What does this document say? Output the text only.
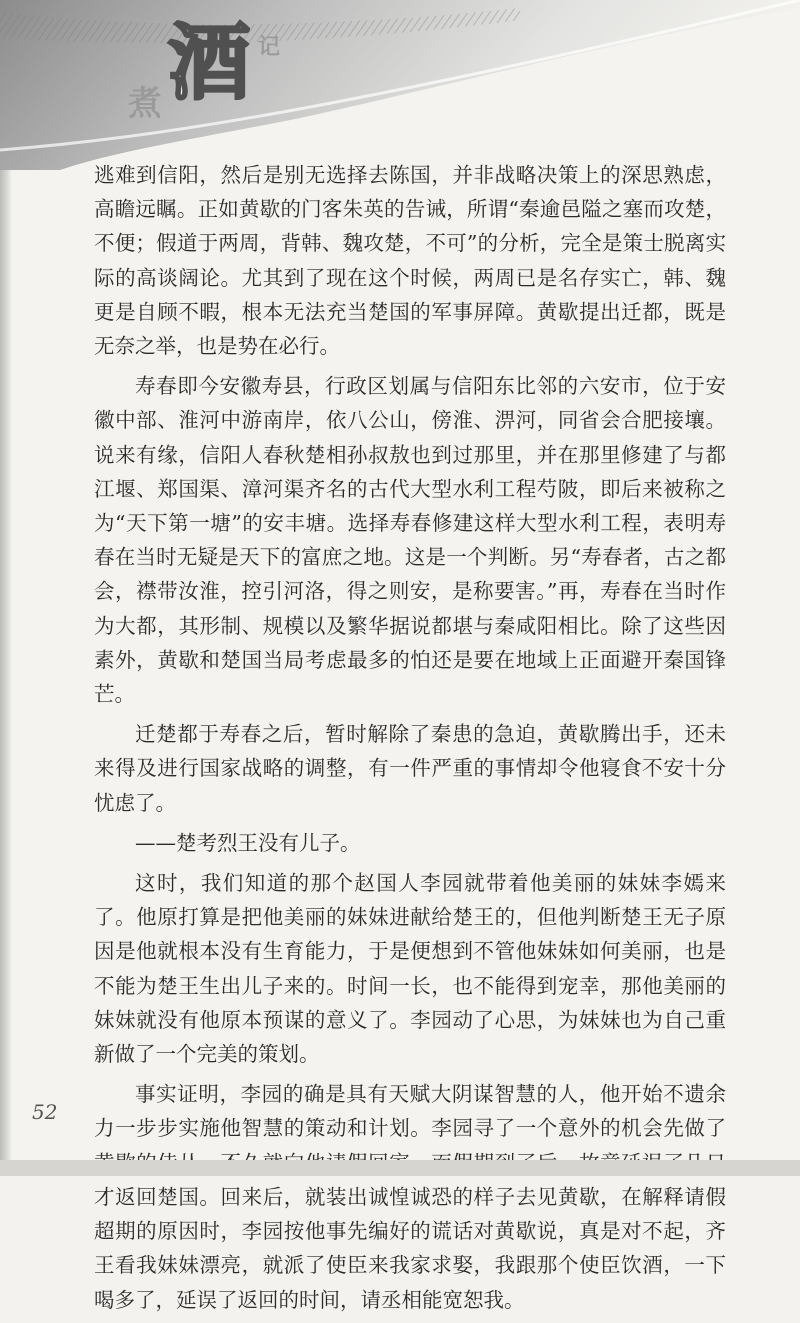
煮 酒 记

逃难到信阳，然后是别无选择去陈国，并非战略决策上的深思熟虑，高瞻远瞩。正如黄歇的门客朱英的告诫，所谓“秦逾邑隘之塞而攻楚，不便；假道于两周，背韩、魏攻楚，不可”的分析，完全是策士脱离实际的高谈阔论。尤其到了现在这个时候，两周已是名存实亡，韩、魏更是自顾不暇，根本无法充当楚国的军事屏障。黄歇提出迁都，既是无奈之举，也是势在必行。

寿春即今安徽寿县，行政区划属与信阳东比邻的六安市，位于安徽中部、淮河中游南岸，依八公山，傍淮、淠河，同省会合肥接壤。说来有缘，信阳人春秋楚相孙叔敖也到过那里，并在那里修建了与都江堰、郑国渠、漳河渠齐名的古代大型水利工程芍陂，即后来被称之为“天下第一塘”的安丰塘。选择寿春修建这样大型水利工程，表明寿春在当时无疑是天下的富庶之地。这是一个判断。另“寿春者，古之都会，襟带汝淮，控引河洛，得之则安，是称要害。”再，寿春在当时作为大都，其形制、规模以及繁华据说都堪与秦咸阳相比。除了这些因素外，黄歇和楚国当局考虑最多的怕还是要在地域上正面避开秦国锋芒。

迁楚都于寿春之后，暂时解除了秦患的急迫，黄歇腾出手，还未来得及进行国家战略的调整，有一件严重的事情却令他寝食不安十分忧虑了。

——楚考烈王没有儿子。

这时，我们知道的那个赵国人李园就带着他美丽的妹妹李嫣来了。他原打算是把他美丽的妹妹进献给楚王的，但他判断楚王无子原因是他就根本没有生育能力，于是便想到不管他妹妹如何美丽，也是不能为楚王生出儿子来的。时间一长，也不能得到宠幸，那他美丽的妹妹就没有他原本预谋的意义了。李园动了心思，为妹妹也为自己重新做了一个完美的策划。

事实证明，李园的确是具有天赋大阴谋智慧的人，他开始不遗余力一步步实施他智慧的策动和计划。李园寻了一个意外的机会先做了 才返回楚国。回来后，就装出诚惶诚恐的样子去见黄歇，在解释请假超期的原因时，李园按他事先编好的谎话对黄歇说，真是对不起，齐王看我妹妹漂亮，就派了使臣来我家求娶，我跟那个使臣饮酒，一下喝多了，延误了返回的时间，请丞相能宽恕我。

52
